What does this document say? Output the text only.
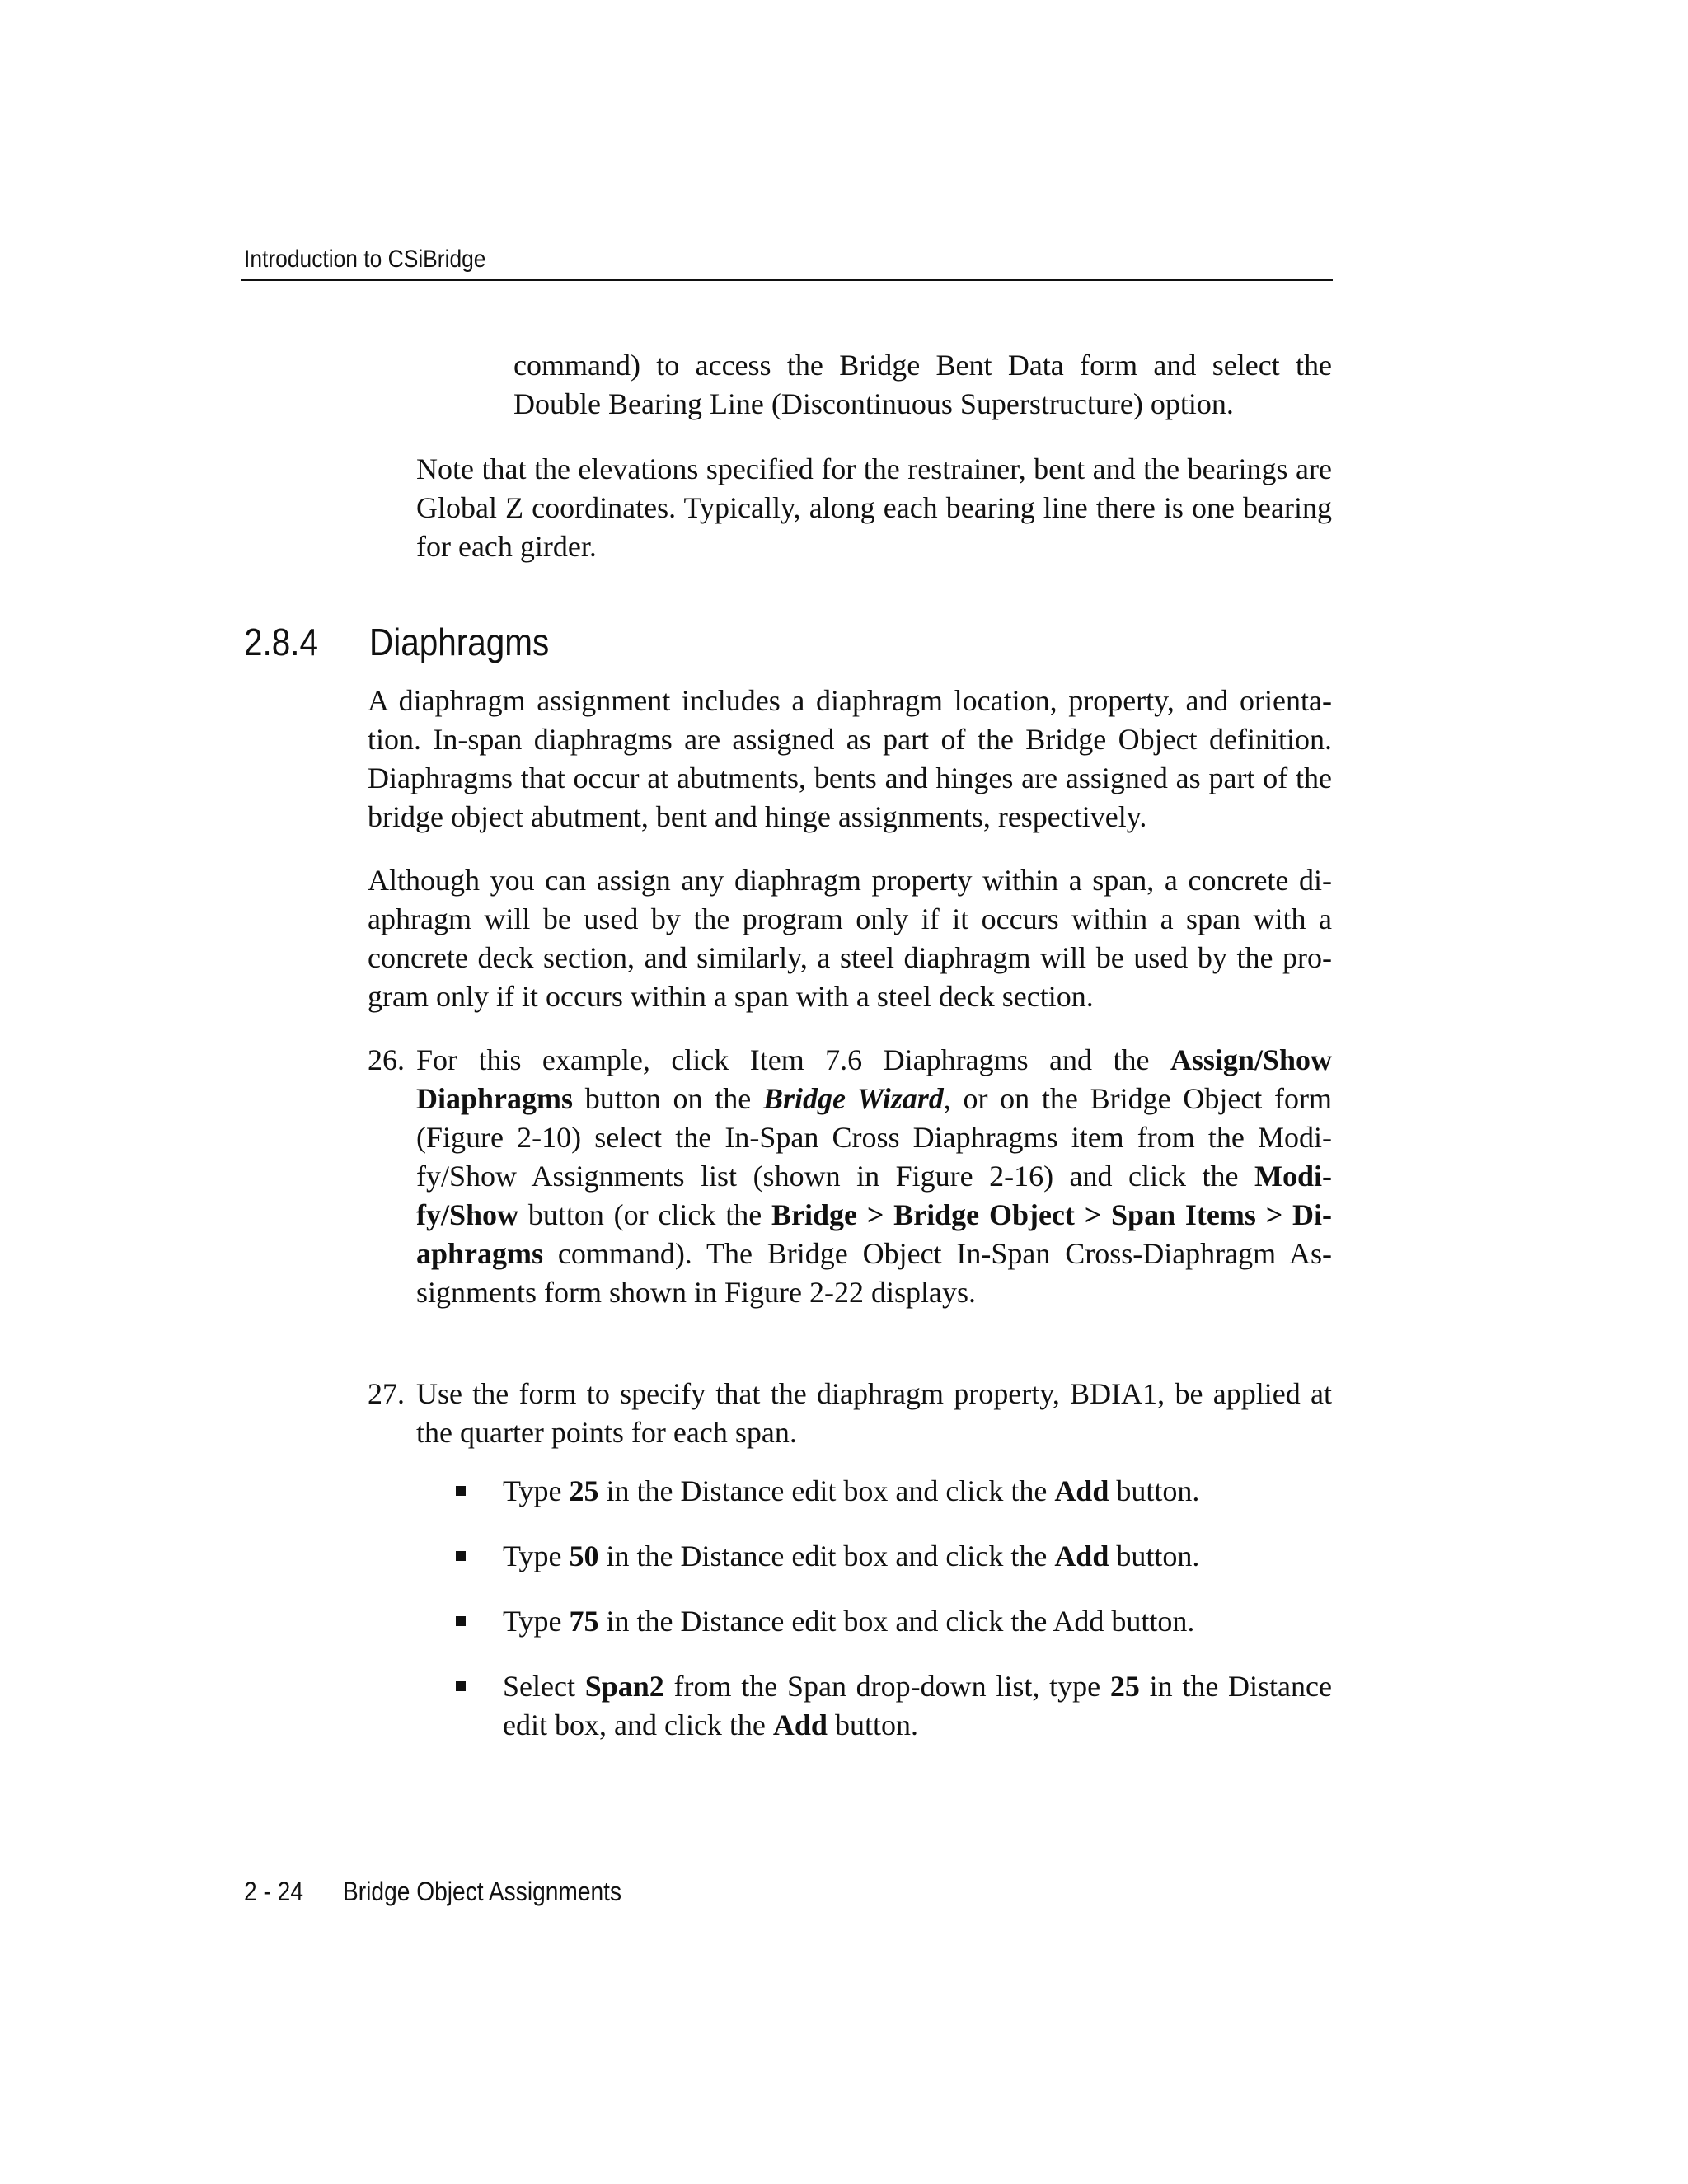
Introduction to CSiBridge

command) to access the Bridge Bent Data form and select the
Double Bearing Line (Discontinuous Superstructure) option.

Note that the elevations specified for the restrainer, bent and the bearings are Global Z coordinates. Typically, along each bearing line there is one bearing for each girder.

2.8.4 Diaphragms

A diaphragm assignment includes a diaphragm location, property, and orienta-tion. In-span diaphragms are assigned as part of the Bridge Object definition. Diaphragms that occur at abutments, bents and hinges are assigned as part of the bridge object abutment, bent and hinge assignments, respectively.

Although you can assign any diaphragm property within a span, a concrete di-aphragm will be used by the program only if it occurs within a span with a concrete deck section, and similarly, a steel diaphragm will be used by the pro-gram only if it occurs within a span with a steel deck section.

26. For this example, click Item 7.6 Diaphragms and the Assign/Show Diaphragms button on the Bridge Wizard, or on the Bridge Object form (Figure 2-10) select the In-Span Cross Diaphragms item from the Modi-fy/Show Assignments list (shown in Figure 2-16) and click the Modi-fy/Show button (or click the Bridge > Bridge Object > Span Items > Di-aphragms command). The Bridge Object In-Span Cross-Diaphragm As-signments form shown in Figure 2-22 displays.

27. Use the form to specify that the diaphragm property, BDIA1, be applied at the quarter points for each span.

Type 25 in the Distance edit box and click the Add button.

Type 50 in the Distance edit box and click the Add button.

Type 75 in the Distance edit box and click the Add button.

Select Span2 from the Span drop-down list, type 25 in the Distance edit box, and click the Add button.

2 - 24 Bridge Object Assignments
